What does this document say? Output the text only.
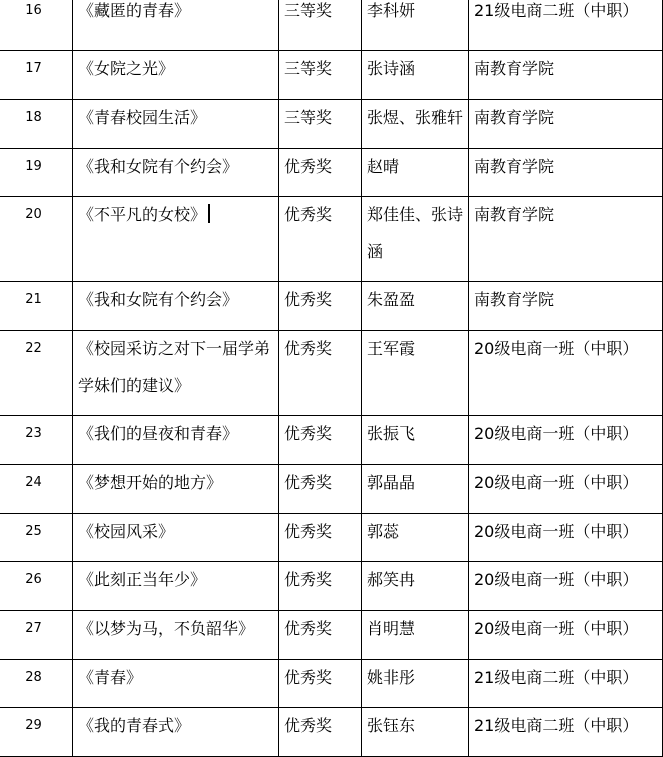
16	《藏匿的青春》	三等奖	李科妍	21级电商二班（中职）

17	《女院之光》	三等奖	张诗涵	南教育学院

18	《青春校园生活》	三等奖	张煜、张雅轩	南教育学院

19	《我和女院有个约会》	优秀奖	赵晴	南教育学院

20	《不平凡的女校》	优秀奖	郑佳佳、张诗涵	南教育学院

21	《我和女院有个约会》	优秀奖	朱盈盈	南教育学院

22	《校园采访之对下一届学弟学妹们的建议》	优秀奖	王军霞	20级电商一班（中职）

23	《我们的昼夜和青春》	优秀奖	张振飞	20级电商一班（中职）

24	《梦想开始的地方》	优秀奖	郭晶晶	20级电商一班（中职）

25	《校园风采》	优秀奖	郭蕊	20级电商一班（中职）

26	《此刻正当年少》	优秀奖	郝笑冉	20级电商一班（中职）

27	《以梦为马，不负韶华》	优秀奖	肖明慧	20级电商一班（中职）

28	《青春》	优秀奖	姚非彤	21级电商二班（中职）

29	《我的青春式》	优秀奖	张钰东	21级电商二班（中职）
